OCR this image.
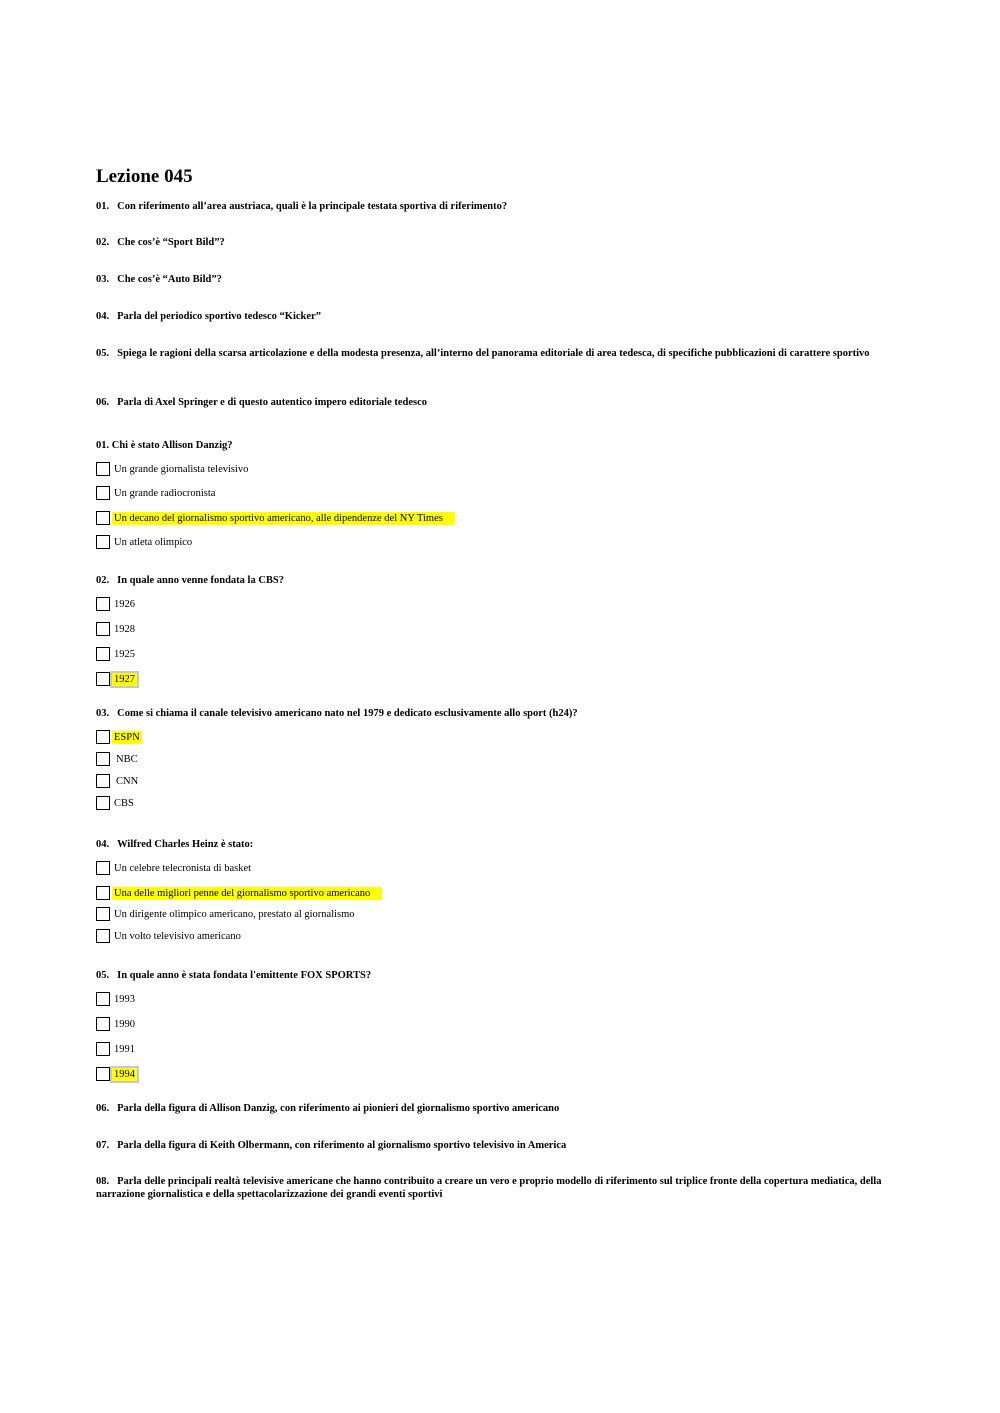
Lezione 045

01. Con riferimento all’area austriaca, quali è la principale testata sportiva di riferimento?

02. Che cos’è “Sport Bild”?

03. Che cos’è “Auto Bild”?

04. Parla del periodico sportivo tedesco “Kicker”

05. Spiega le ragioni della scarsa articolazione e della modesta presenza, all’interno del panorama editoriale di area tedesca, di specifiche pubblicazioni di carattere sportivo

06. Parla di Axel Springer e di questo autentico impero editoriale tedesco

01. Chi è stato Allison Danzig?

Un grande giornalista televisivo
Un grande radiocronista
Un decano del giornalismo sportivo americano, alle dipendenze del NY Times
Un atleta olimpico

02. In quale anno venne fondata la CBS?

1926
1928
1925
1927

03. Come si chiama il canale televisivo americano nato nel 1979 e dedicato esclusivamente allo sport (h24)?

ESPN
NBC
CNN
CBS

04. Wilfred Charles Heinz è stato:

Un celebre telecronista di basket
Una delle migliori penne del giornalismo sportivo americano
Un dirigente olimpico americano, prestato al giornalismo
Un volto televisivo americano

05. In quale anno è stata fondata l'emittente FOX SPORTS?

1993
1990
1991
1994

06. Parla della figura di Allison Danzig, con riferimento ai pionieri del giornalismo sportivo americano

07. Parla della figura di Keith Olbermann, con riferimento al giornalismo sportivo televisivo in America

08. Parla delle principali realtà televisive americane che hanno contribuito a creare un vero e proprio modello di riferimento sul triplice fronte della copertura mediatica, della narrazione giornalistica e della spettacolarizzazione dei grandi eventi sportivi
